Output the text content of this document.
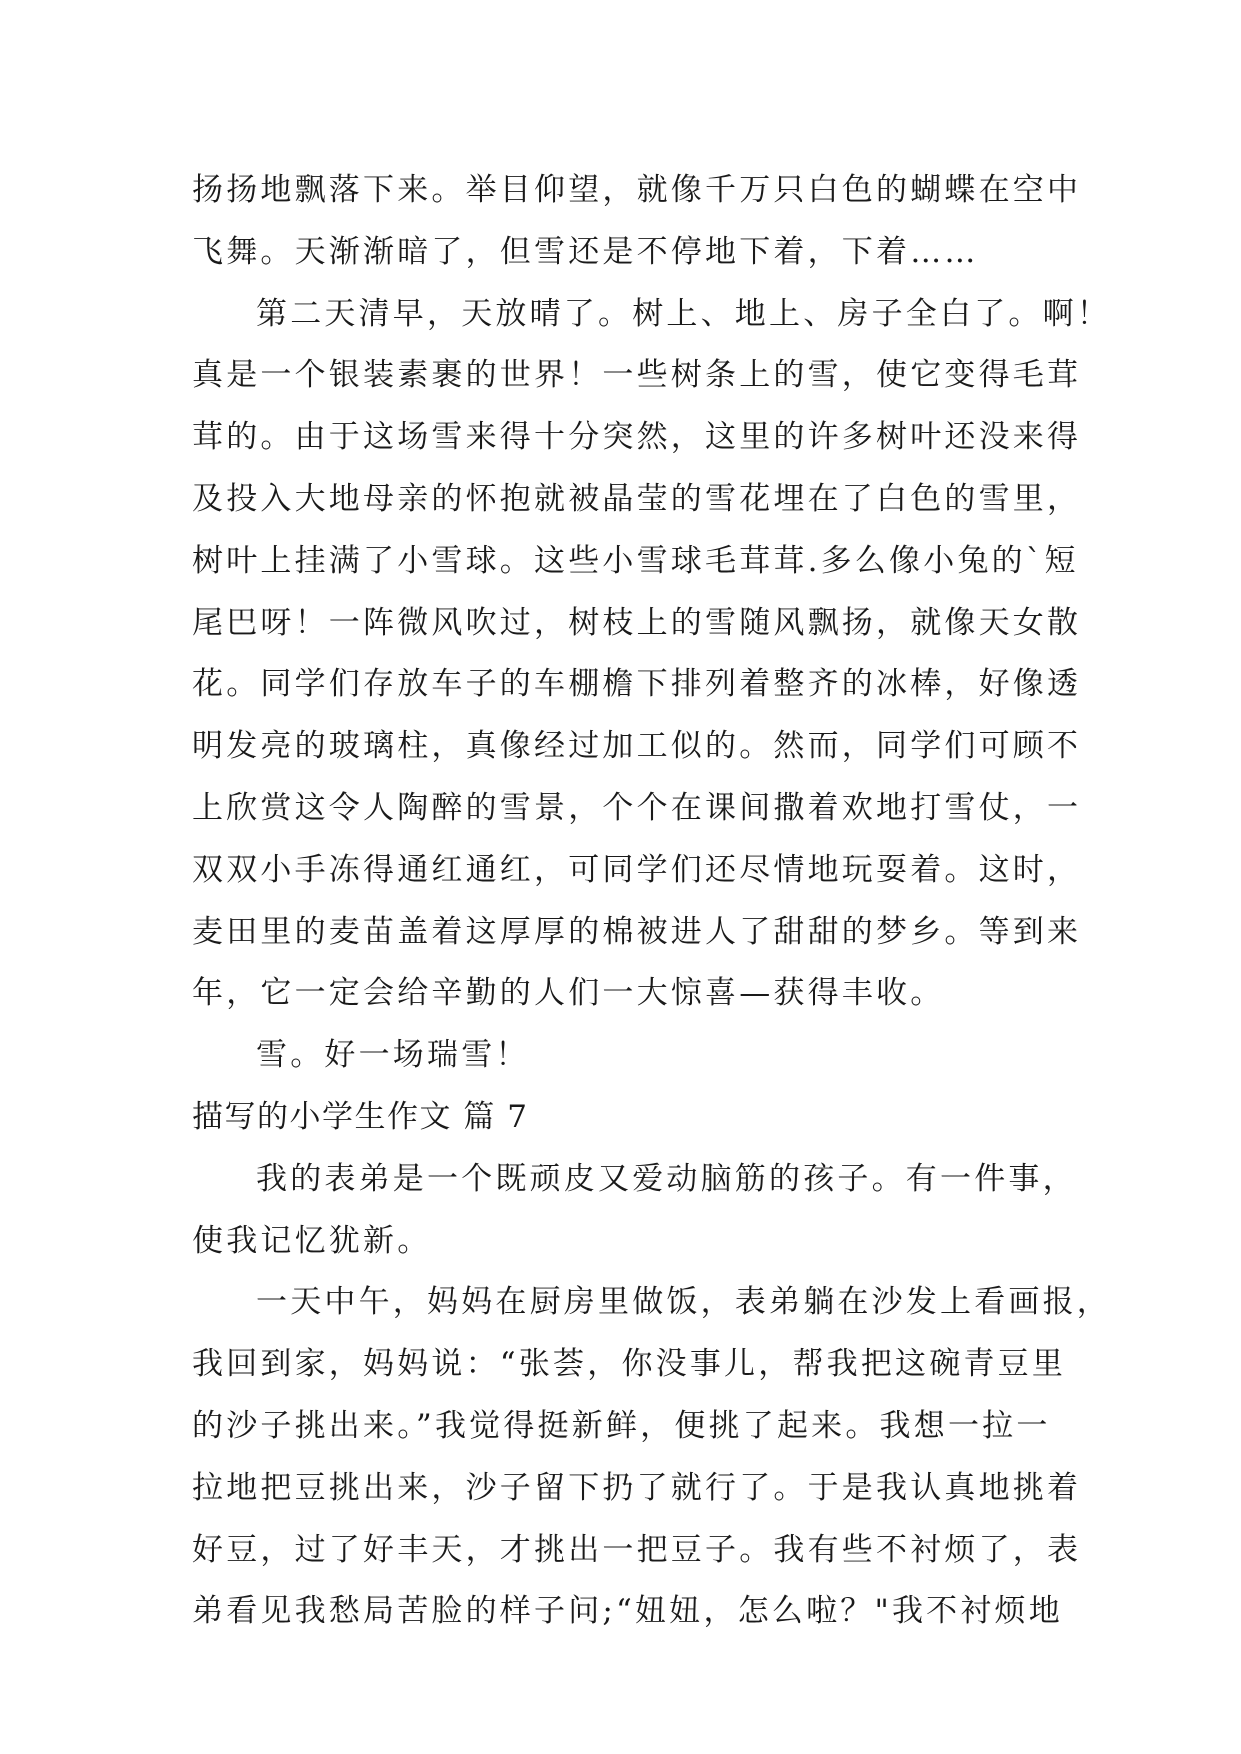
扬扬地飘落下来。举目仰望，就像千万只白色的蝴蝶在空中
飞舞。天渐渐暗了，但雪还是不停地下着，下着……
第二天清早，天放晴了。树上、地上、房子全白了。啊！
真是一个银装素裹的世界！一些树条上的雪，使它变得毛茸
茸的。由于这场雪来得十分突然，这里的许多树叶还没来得
及投入大地母亲的怀抱就被晶莹的雪花埋在了白色的雪里，
树叶上挂满了小雪球。这些小雪球毛茸茸.多么像小兔的`短
尾巴呀！一阵微风吹过，树枝上的雪随风飘扬，就像天女散
花。同学们存放车子的车棚檐下排列着整齐的冰棒，好像透
明发亮的玻璃柱，真像经过加工似的。然而，同学们可顾不
上欣赏这令人陶醉的雪景，个个在课间撒着欢地打雪仗，一
双双小手冻得通红通红，可同学们还尽情地玩耍着。这时，
麦田里的麦苗盖着这厚厚的棉被进人了甜甜的梦乡。等到来
年，它一定会给辛勤的人们一大惊喜—获得丰收。
雪。好一场瑞雪！
描写的小学生作文 篇 7
我的表弟是一个既顽皮又爱动脑筋的孩子。有一件事，
使我记忆犹新。
一天中午，妈妈在厨房里做饭，表弟躺在沙发上看画报，
我回到家，妈妈说：“张荟，你没事儿，帮我把这碗青豆里
的沙子挑出来。”我觉得挺新鲜，便挑了起来。我想一拉一
拉地把豆挑出来，沙子留下扔了就行了。于是我认真地挑着
好豆，过了好丰天，才挑出一把豆子。我有些不衬烦了，表
弟看见我愁局苦脸的样子问;“妞妞，怎么啦？"我不衬烦地
